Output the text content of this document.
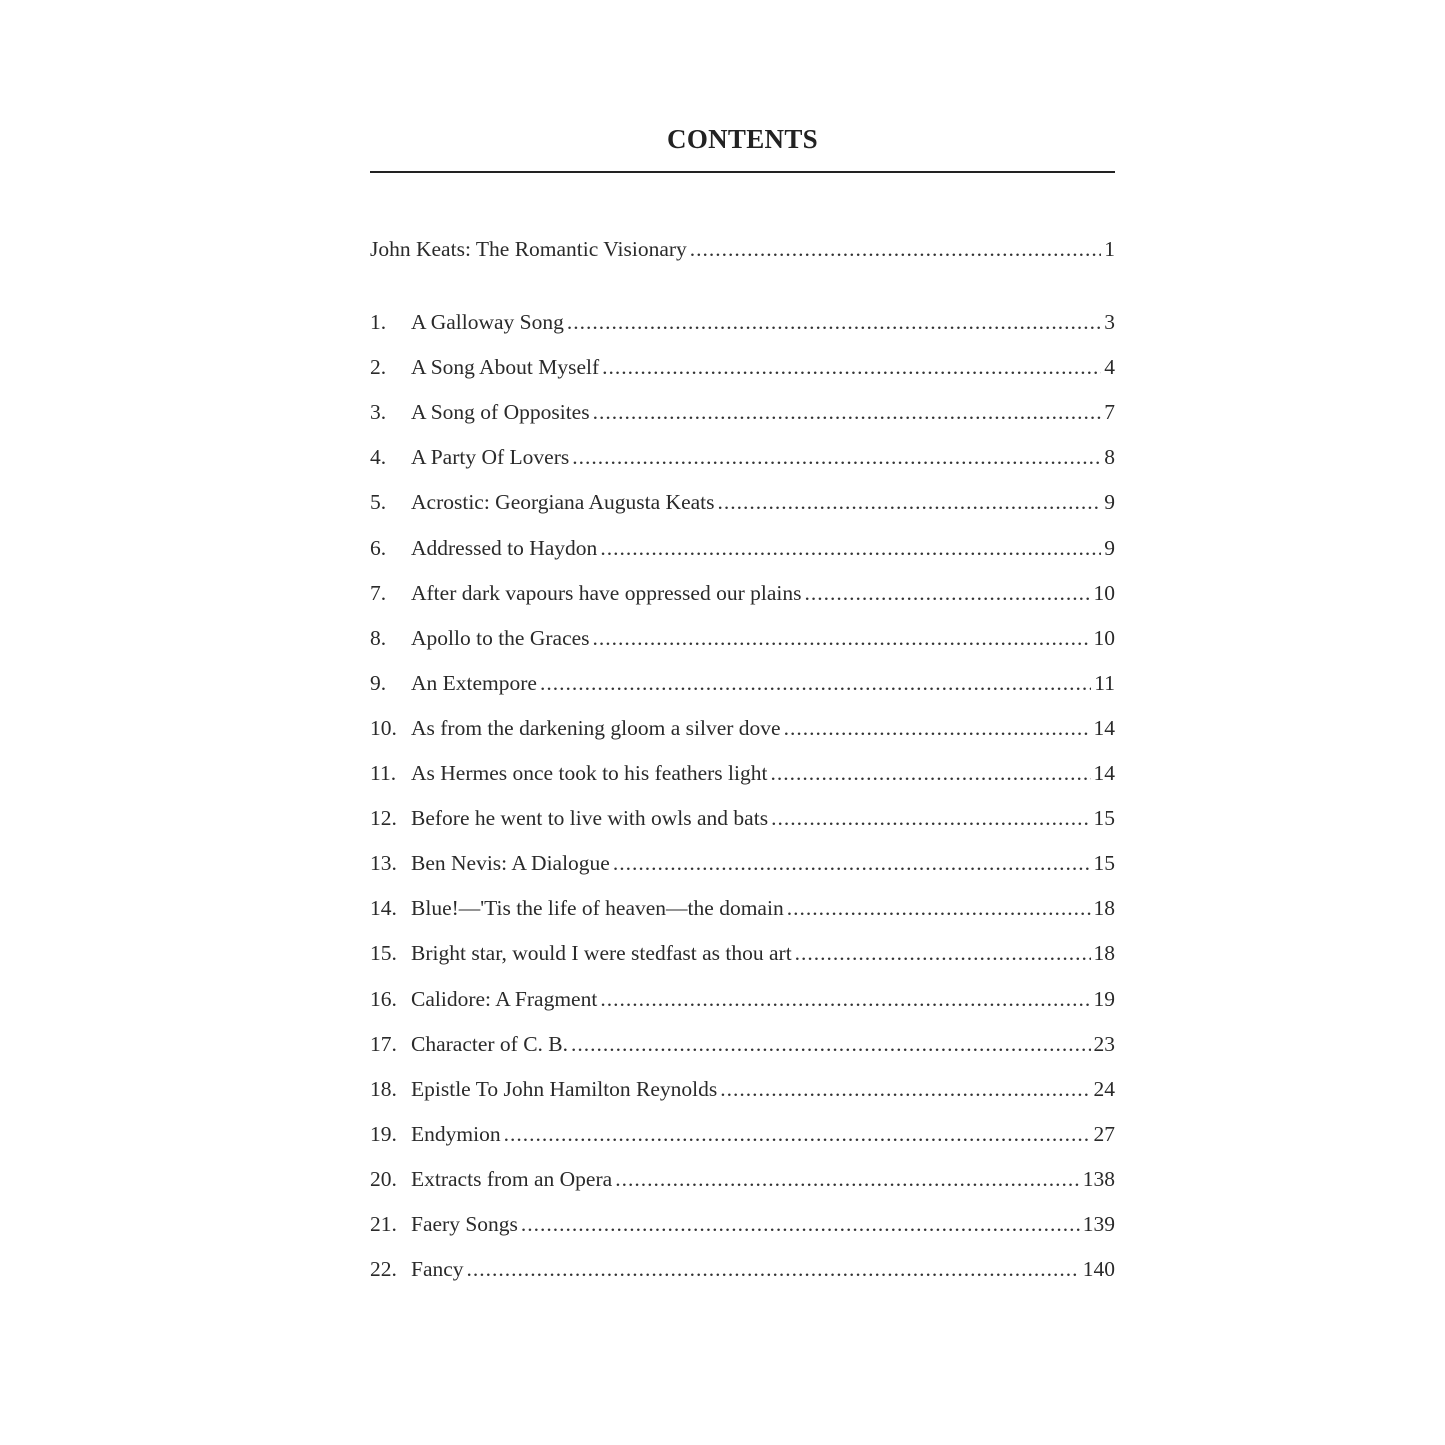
CONTENTS
John Keats: The Romantic Visionary .....	1
1.	A Galloway Song .....	3
2.	A Song About Myself .....	4
3.	A Song of Opposites .....	7
4.	A Party Of Lovers .....	8
5.	Acrostic: Georgiana Augusta Keats .....	9
6.	Addressed to Haydon .....	9
7.	After dark vapours have oppressed our plains .....	10
8.	Apollo to the Graces .....	10
9.	An Extempore .....	11
10. As from the darkening gloom a silver dove .....	14
11. As Hermes once took to his feathers light .....	14
12. Before he went to live with owls and bats .....	15
13. Ben Nevis: A Dialogue .....	15
14. Blue!—'Tis the life of heaven—the domain .....	18
15. Bright star, would I were stedfast as thou art .....	18
16. Calidore: A Fragment .....	19
17. Character of C. B. .....	23
18. Epistle To John Hamilton Reynolds .....	24
19. Endymion .....	27
20. Extracts from an Opera .....	138
21. Faery Songs .....	139
22. Fancy .....	140
